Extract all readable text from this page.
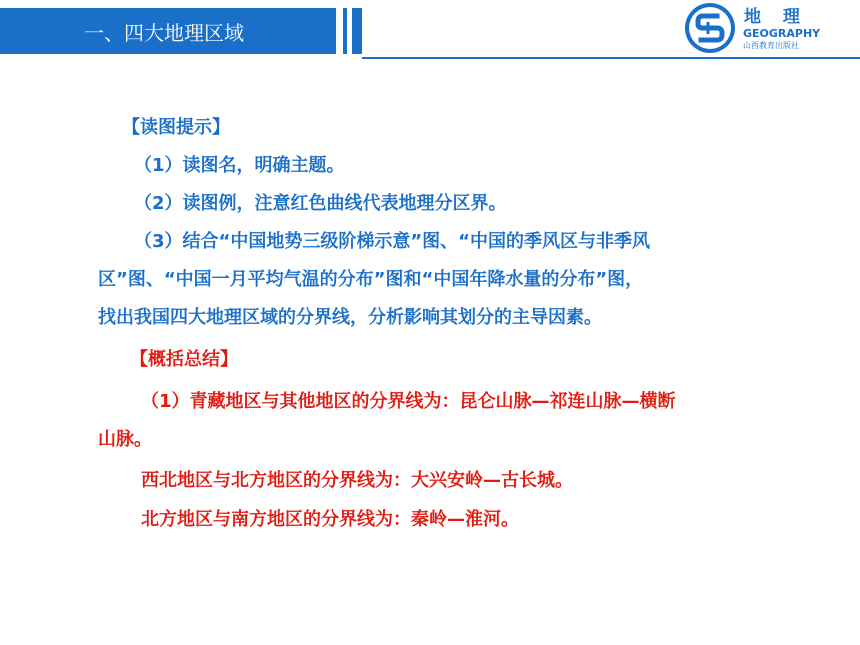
一、四大地理区域
地 理
GEOGRAPHY
山西教育出版社
【读图提示】
（1）读图名，明确主题。
（2）读图例，注意红色曲线代表地理分区界。
（3）结合“中国地势三级阶梯示意”图、“中国的季风区与非季风
区”图、“中国一月平均气温的分布”图和“中国年降水量的分布”图，
找出我国四大地理区域的分界线，分析影响其划分的主导因素。
【概括总结】
（1）青藏地区与其他地区的分界线为：昆仑山脉—祁连山脉—横断
山脉。
西北地区与北方地区的分界线为：大兴安岭—古长城。
北方地区与南方地区的分界线为：秦岭—淮河。
